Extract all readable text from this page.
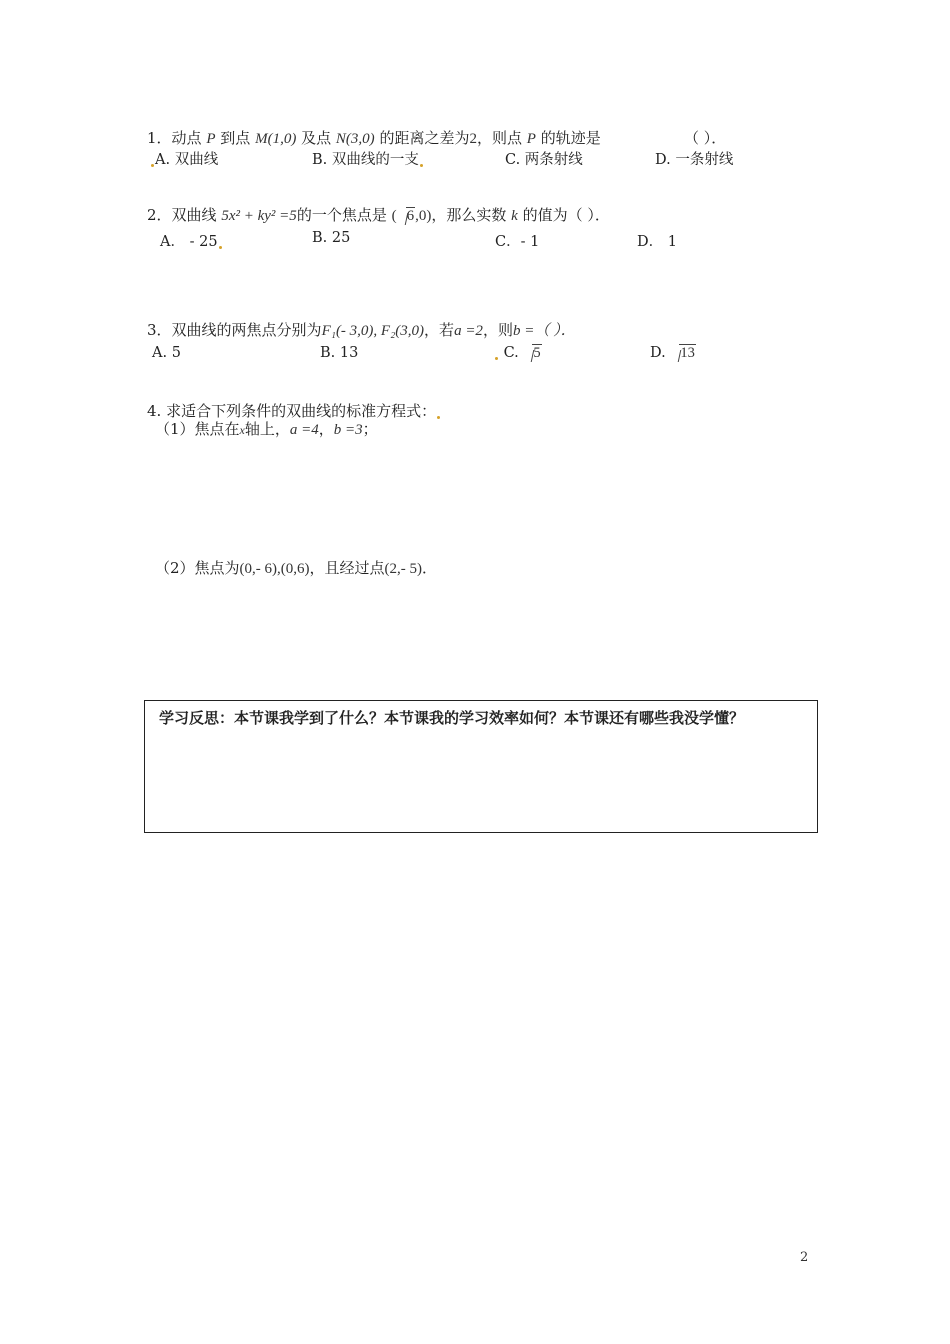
1．动点 P 到点 M(1,0) 及点 N(3,0) 的距离之差为2，则点 P 的轨迹是	（ ）．
A. 双曲线	B. 双曲线的一支	C. 两条射线	D. 一条射线
2．双曲线 5x² + ky² =5的一个焦点是 ( 6,0)，那么实数 k 的值为（ ）．
A． - 25	B. 25	C．- 1	D． 1
3．双曲线的两焦点分别为F₁(- 3,0), F₂(3,0)，若a =2，则b =（ ）．
A. 5	B. 13	C. 5	D. 13
4. 求适合下列条件的双曲线的标准方程式：
（1）焦点在x轴上，a =4，b =3；
（2）焦点为(0,- 6),(0,6)，且经过点(2,- 5)．
学习反思：本节课我学到了什么？本节课我的学习效率如何？本节课还有哪些我没学懂？
2
